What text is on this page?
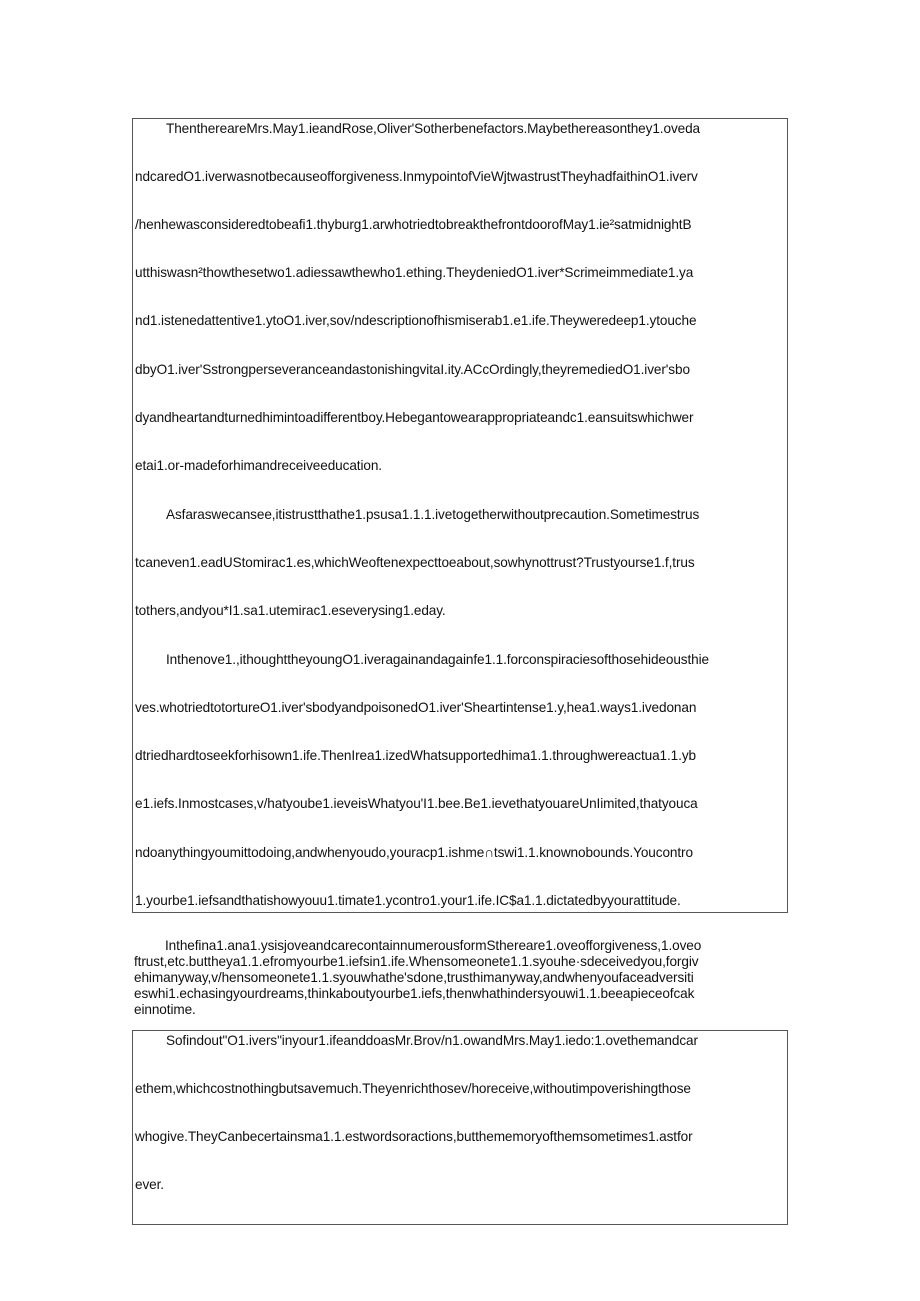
ThenthereareMrs.May1.ieandRose,Oliver'Sotherbenefactors.Maybethereasonthey1.oveda
ndcaredO1.iverwasnotbecauseofforgiveness.InmypointofVieWjtwastrustTheyhadfaithinO1.iverv
/henhewasconsideredtobeafi1.thyburg1.arwhotriedtobreakthefrontdoorofMay1.ie²satmidnightB
utthiswasn²thowthesetwo1.adiessawthewho1.ething.TheydeniedO1.iver*Scrimeimmediate1.ya
nd1.istenedattentive1.ytoO1.iver,sov/ndescriptionofhismiserab1.e1.ife.Theyweredeep1.ytouche
dbyO1.iver'SstrongperseveranceandastonishingvitaI.ity.ACcOrdingly,theyremediedO1.iver'sbo
dyandheartandturnedhimintoadifferentboy.Hebegantowearappropriateandc1.eansuitswhichwer
etai1.or-madeforhimandreceiveeducation.
Asfaraswecansee,itistrustthathe1.psusa1.1.1.ivetogetherwithoutprecaution.Sometimestrus
tcaneven1.eadUStomirac1.es,whichWeoftenexpecttoeabout,sowhynottrust?Trustyourse1.f,trus
tothers,andyou*I1.sa1.utemirac1.eseverysing1.eday.
Inthenove1.,ithoughttheyoungO1.iveragainandagainfe1.1.forconspiraciesofthosehideousthie
ves.whotriedtotortureO1.iver'sbodyandpoisonedO1.iver'Sheartintense1.y,hea1.ways1.ivedonan
dtriedhardtoseekforhisown1.ife.ThenIrea1.izedWhatsupportedhima1.1.throughwereactua1.1.yb
e1.iefs.Inmostcases,v/hatyoube1.ieveisWhatyou'I1.bee.Be1.ievethatyouareUnIimited,thatyouca
ndoanythingyoumittodoing,andwhenyoudo,youracp1.ishme∩tswi1.1.knownobounds.Youcontro
1.yourbe1.iefsandthatishowyouu1.timate1.ycontro1.your1.ife.IC$a1.1.dictatedbyyourattitude.
Inthefina1.ana1.ysisjoveandcarecontainnumerousformSthereare1.oveofforgiveness,1.oveo
ftrust,etc.buttheya1.1.efromyourbe1.iefsin1.ife.Whensomeonete1.1.syouhe·sdeceivedyou,forgiv
ehimanyway,v/hensomeonete1.1.syouwhathe'sdone,trusthimanyway,andwhenyoufaceadversiti
eswhi1.echasingyourdreams,thinkaboutyourbe1.iefs,thenwhathindersyouwi1.1.beeapieceofcak
einnotime.
Sofindout"O1.ivers"inyour1.ifeanddoasMr.Brov/n1.owandMrs.May1.iedo:1.ovethemandcar
ethem,whichcostnothingbutsavemuch.Theyenrichthosev/horeceive,withoutimpoverishingthose
whogive.TheyCanbecertainsma1.1.estwordsoractions,butthememoryofthemsometimes1.astfor
ever.
